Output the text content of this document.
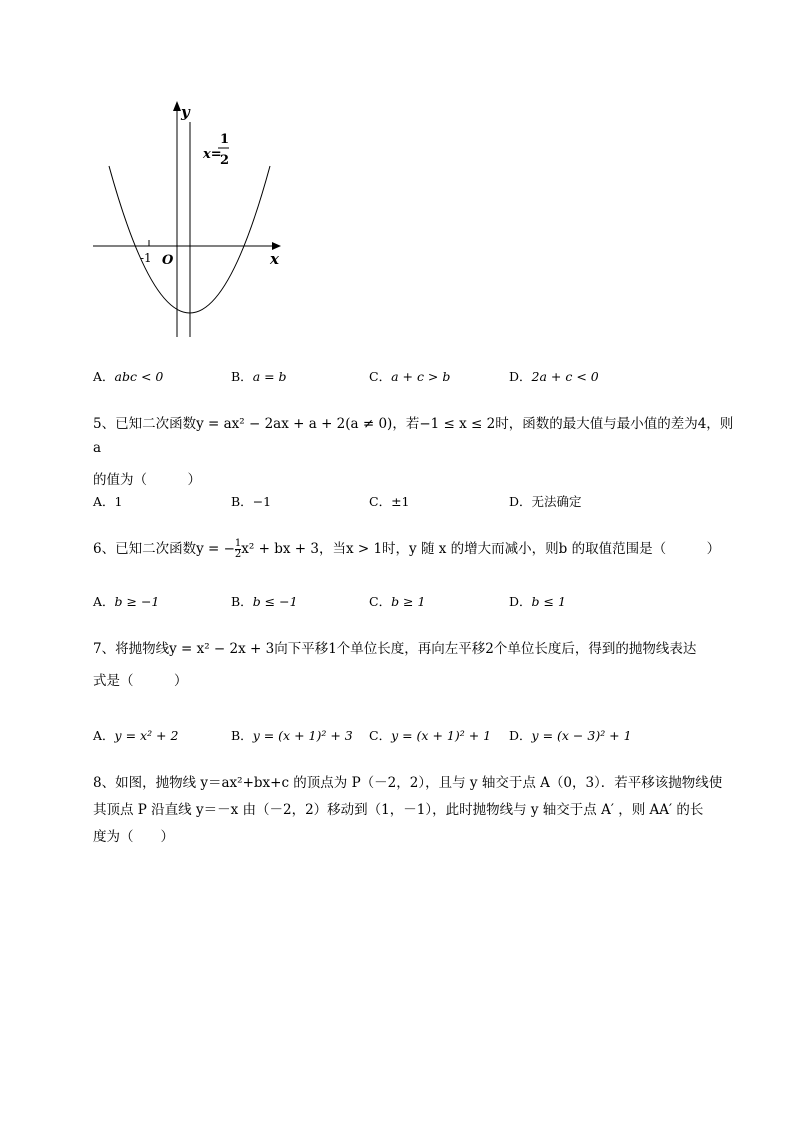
y
x
O
-1
x=
1
2
A．abc < 0	B．a = b	C．a + c > b	D．2a + c < 0
5、已知二次函数y = ax² − 2ax + a + 2(a ≠ 0)，若−1 ≤ x ≤ 2时，函数的最大值与最小值的差为4，则 a
的值为（　　　）
A．1	B．−1	C．±1	D．无法确定
6、已知二次函数y = − $\frac{1}{2} x^2$ + bx + 3，当x > 1时，y 随 x 的增大而减小，则b 的取值范围是（　　　）
A．b ≥ −1	B．b ≤ −1	C．b ≥ 1	D．b ≤ 1
7、将抛物线y = x² − 2x + 3向下平移1个单位长度，再向左平移2个单位长度后，得到的抛物线表达
式是（　　　）
A．y = x² + 2	B．y = (x + 1)² + 3 C．y = (x + 1)² + 1 D．y = (x − 3)² + 1
8、如图，抛物线 y＝ax²+bx+c 的顶点为 P（－2，2），且与 y 轴交于点 A（0，3）．若平移该抛物线使
其顶点 P 沿直线 y＝－x 由（－2，2）移动到（1，－1），此时抛物线与 y 轴交于点 A′ ，则 AA′ 的长
度为（　　）
